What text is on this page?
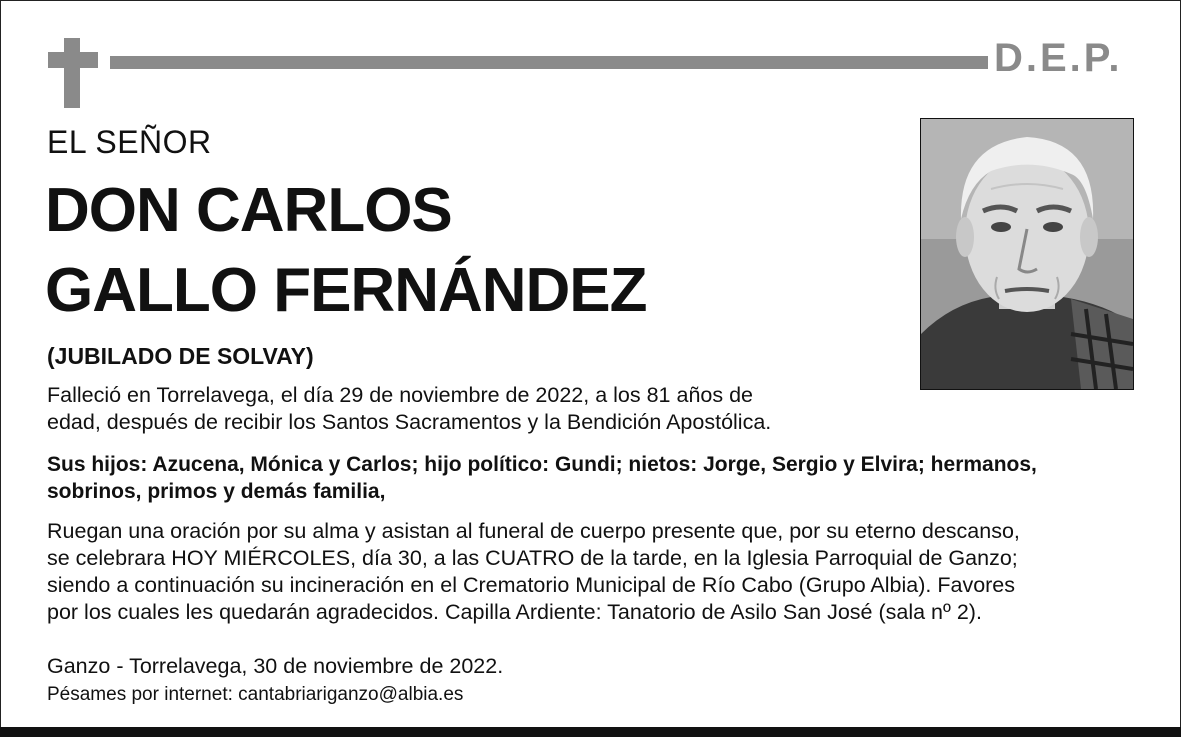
D.E.P.
EL SEÑOR
DON CARLOS
GALLO FERNÁNDEZ
(JUBILADO DE SOLVAY)
Falleció en Torrelavega, el día 29 de noviembre de 2022, a los 81 años de
edad, después de recibir los Santos Sacramentos y la Bendición Apostólica.
Sus hijos: Azucena, Mónica y Carlos; hijo político: Gundi; nietos: Jorge, Sergio y Elvira; hermanos,
sobrinos, primos y demás familia,
Ruegan una oración por su alma y asistan al funeral de cuerpo presente que, por su eterno descanso,
se celebrara HOY MIÉRCOLES, día 30, a las CUATRO de la tarde, en la Iglesia Parroquial de Ganzo;
siendo a continuación su incineración en el Crematorio Municipal de Río Cabo (Grupo Albia). Favores
por los cuales les quedarán agradecidos. Capilla Ardiente: Tanatorio de Asilo San José (sala nº 2).
Ganzo - Torrelavega, 30 de noviembre de 2022.
Pésames por internet: cantabriariganzo@albia.es
